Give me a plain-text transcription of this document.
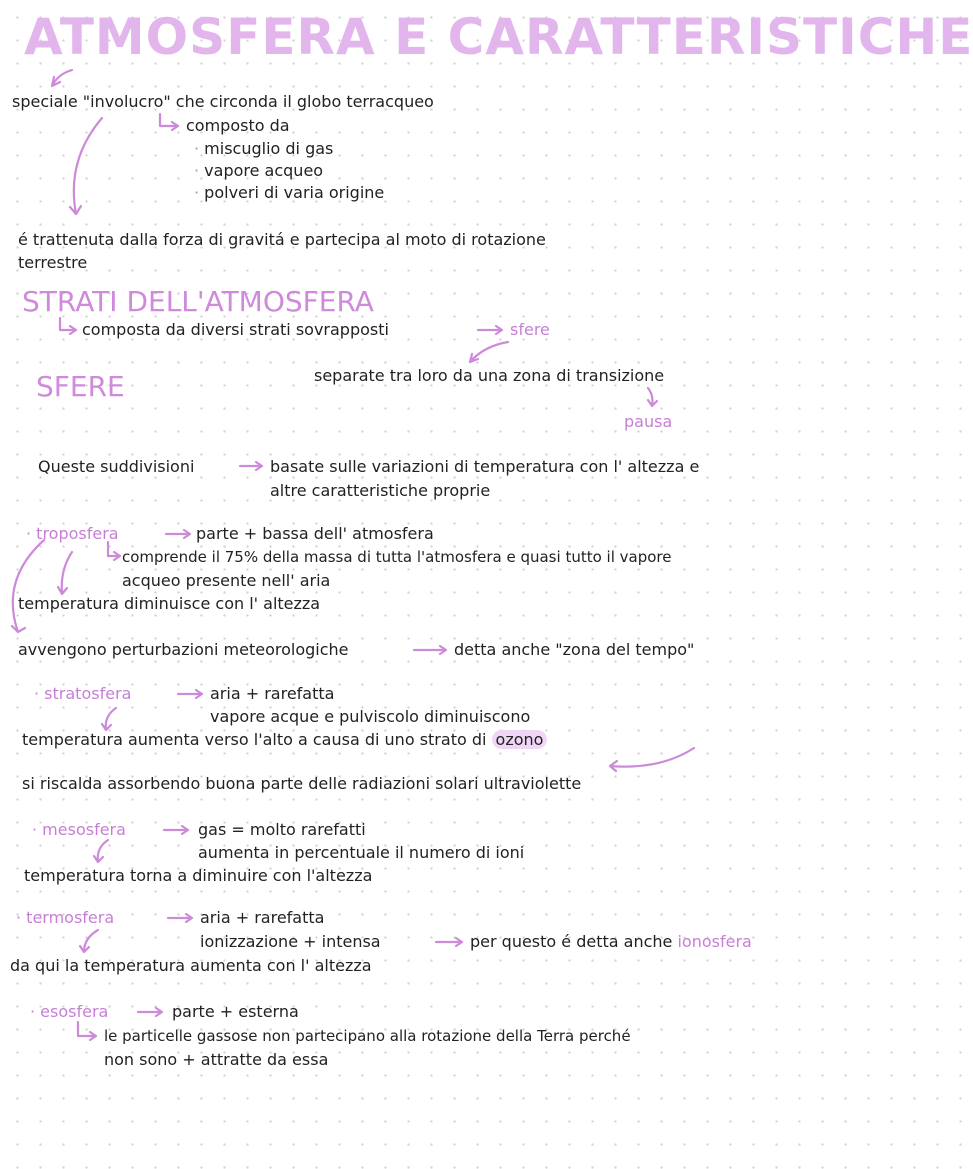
ATMOSFERA E CARATTERISTICHE
speciale "involucro" che circonda il globo terracqueo
composto da
· miscuglio di gas
· vapore acqueo
· polveri di varia origine
é trattenuta dalla forza di gravitá e partecipa al moto di rotazione
terrestre
STRATI DELL'ATMOSFERA
composta da diversi strati sovrapposti	sfere
SFERE	separate tra loro da una zona di transizione
pausa
Queste suddivisioni	basate sulle variazioni di temperatura con l' altezza e
altre caratteristiche proprie
· troposfera	parte + bassa dell' atmosfera
comprende il 75% della massa di tutta l'atmosfera e quasi tutto il vapore
acqueo presente nell' aria
temperatura diminuisce con l' altezza
avvengono perturbazioni meteorologiche	detta anche "zona del tempo"
· stratosfera	aria + rarefatta
vapore acque e pulviscolo diminuiscono
temperatura aumenta verso l'alto a causa di uno strato di ozono
si riscalda assorbendo buona parte delle radiazioni solari ultraviolette
· mesosfera	gas = molto rarefatti
aumenta in percentuale il numero di ioni
temperatura torna a diminuire con l'altezza
· termosfera	aria + rarefatta
ionizzazione + intensa	per questo é detta anche ionosfera
da qui la temperatura aumenta con l' altezza
· esosfera	parte + esterna
le particelle gassose non partecipano alla rotazione della Terra perché
non sono + attratte da essa
